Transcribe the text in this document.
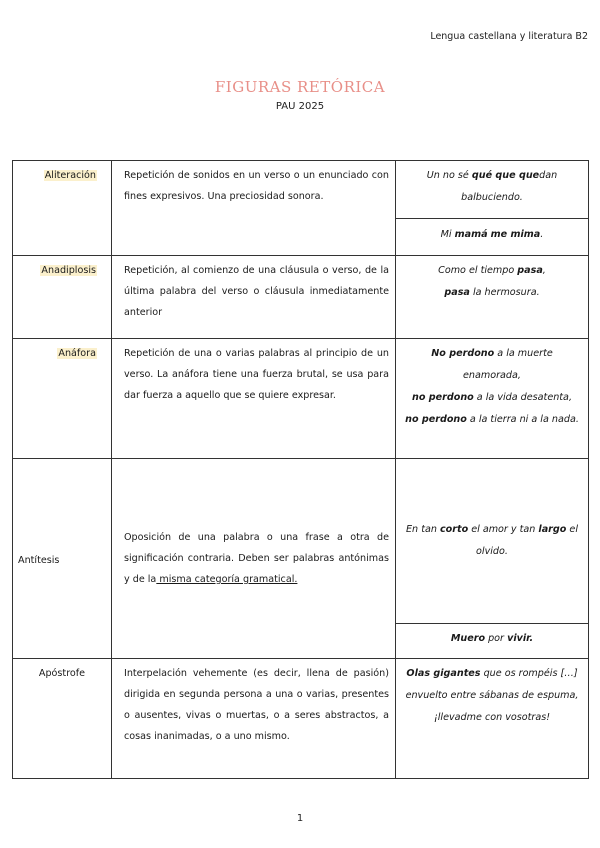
Lengua castellana y literatura B2
FIGURAS RETÓRICA
PAU 2025
Aliteración	Repetición de sonidos en un verso o un enunciado con fines expresivos. Una preciosidad sonora.	Un no sé qué que quedan balbuciendo.
Mi mamá me mima.

Anadiplosis	Repetición, al comienzo de una cláusula o verso, de la última palabra del verso o cláusula inmediatamente anterior	Como el tiempo pasa,
pasa la hermosura.

Anáfora	Repetición de una o varias palabras al principio de un verso. La anáfora tiene una fuerza brutal, se usa para dar fuerza a aquello que se quiere expresar.	No perdono a la muerte enamorada,
no perdono a la vida desatenta,
no perdono a la tierra ni a la nada.

Antítesis	Oposición de una palabra o una frase a otra de significación contraria. Deben ser palabras antónimas y de la misma categoría gramatical.	En tan corto el amor y tan largo el olvido.
Muero por vivir.

Apóstrofe	Interpelación vehemente (es decir, llena de pasión) dirigida en segunda persona a una o varias, presentes o ausentes, vivas o muertas, o a seres abstractos, a cosas inanimadas, o a uno mismo.	Olas gigantes que os rompéis […]
envuelto entre sábanas de espuma, ¡llevadme con vosotras!
1
